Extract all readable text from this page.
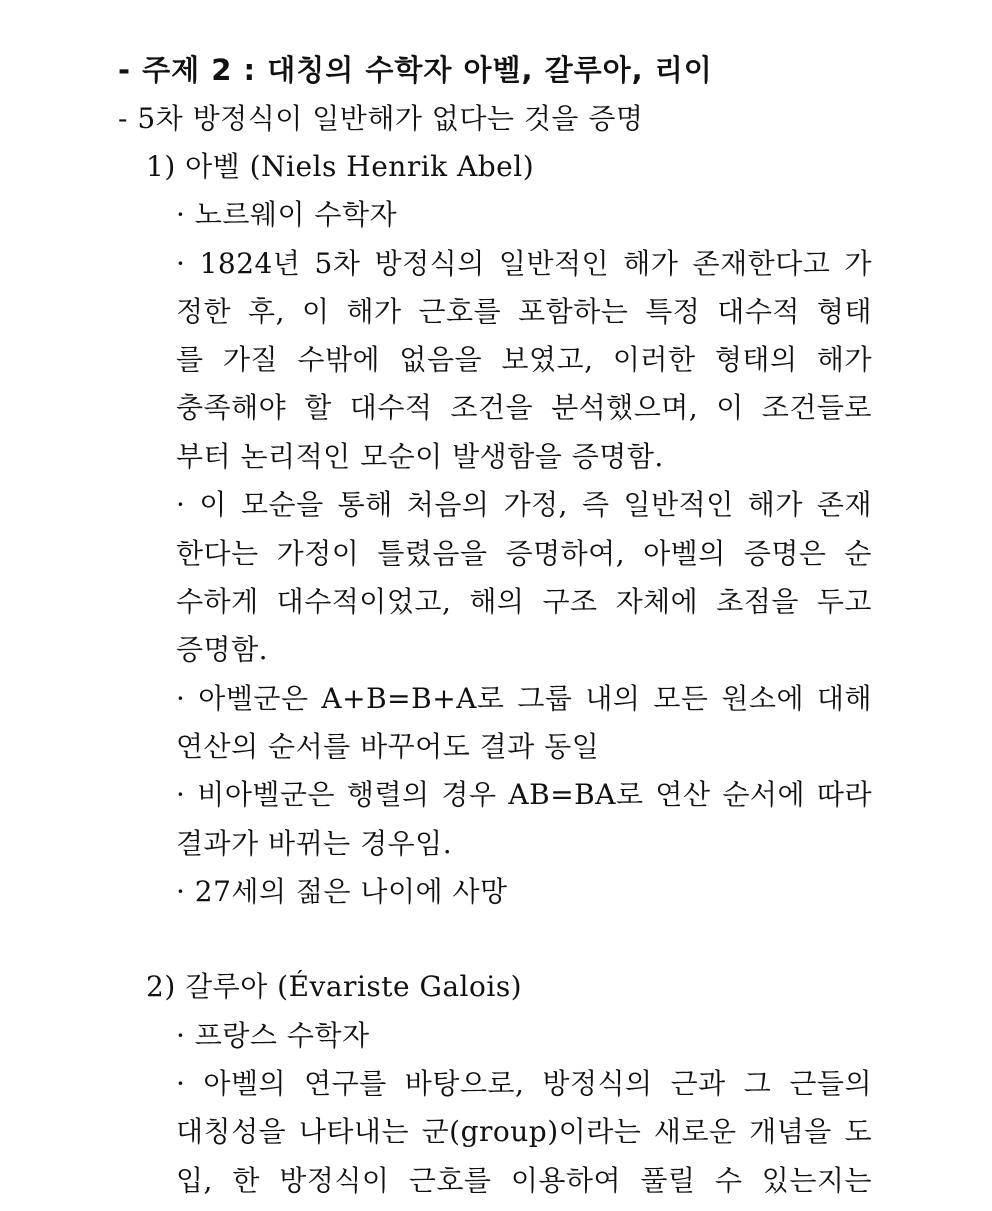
- 주제 2 : 대칭의 수학자 아벨, 갈루아, 리이
- 5차 방정식이 일반해가 없다는 것을 증명
1) 아벨 (Niels Henrik Abel)
· 노르웨이 수학자
· 1824년 5차 방정식의 일반적인 해가 존재한다고 가
정한 후, 이 해가 근호를 포함하는 특정 대수적 형태
를 가질 수밖에 없음을 보였고, 이러한 형태의 해가
충족해야 할 대수적 조건을 분석했으며, 이 조건들로
부터 논리적인 모순이 발생함을 증명함.
· 이 모순을 통해 처음의 가정, 즉 일반적인 해가 존재
한다는 가정이 틀렸음을 증명하여, 아벨의 증명은 순
수하게 대수적이었고, 해의 구조 자체에 초점을 두고
증명함.
· 아벨군은 A+B=B+A로 그룹 내의 모든 원소에 대해
연산의 순서를 바꾸어도 결과 동일
· 비아벨군은 행렬의 경우 AB=BA로 연산 순서에 따라
결과가 바뀌는 경우임.
· 27세의 젊은 나이에 사망
2) 갈루아 (Évariste Galois)
· 프랑스 수학자
· 아벨의 연구를 바탕으로, 방정식의 근과 그 근들의
대칭성을 나타내는 군(group)이라는 새로운 개념을 도
입, 한 방정식이 근호를 이용하여 풀릴 수 있는지는
